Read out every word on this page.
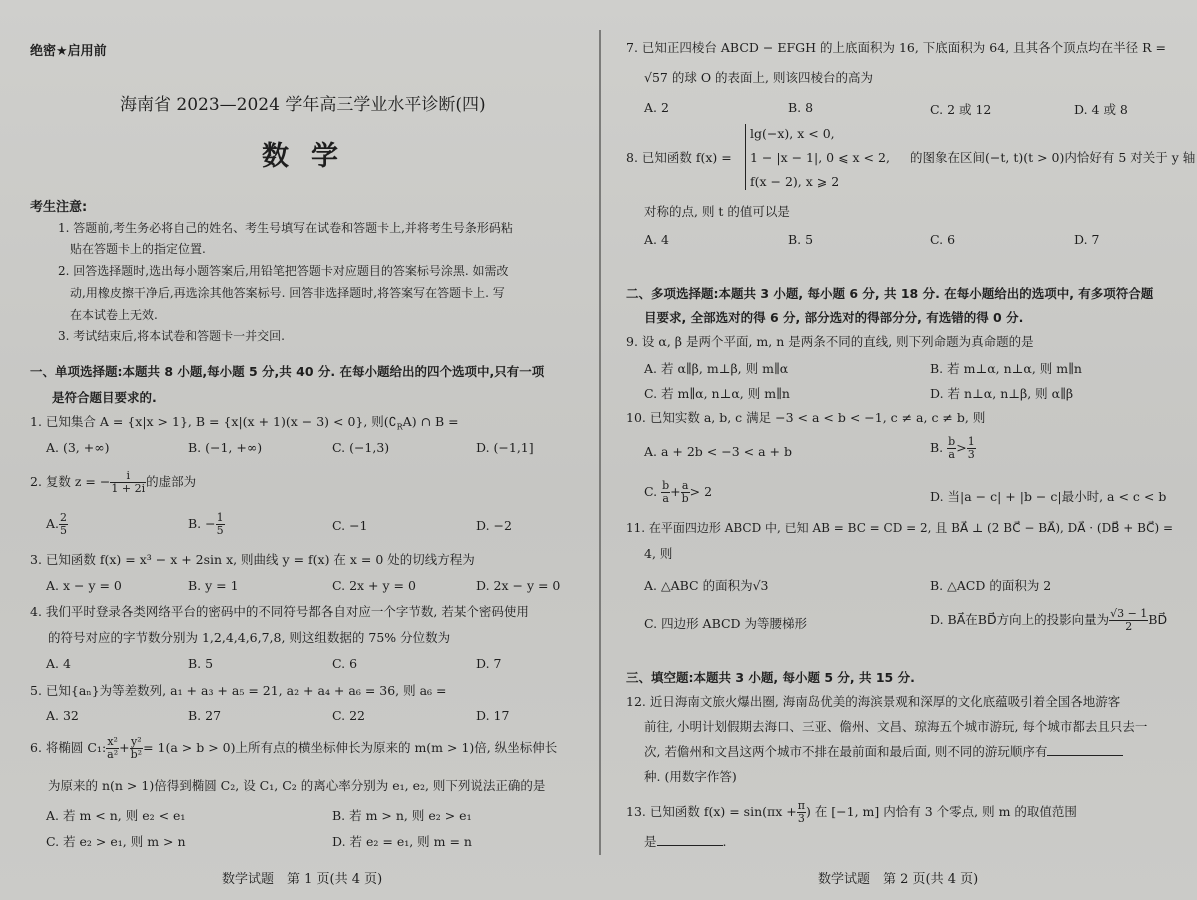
绝密★启用前
海南省 2023—2024 学年高三学业水平诊断(四)
数学
考生注意:
1. 答题前,考生务必将自己的姓名、考生号填写在试卷和答题卡上,并将考生号条形码粘
贴在答题卡上的指定位置.
2. 回答选择题时,选出每小题答案后,用铅笔把答题卡对应题目的答案标号涂黑. 如需改
动,用橡皮擦干净后,再选涂其他答案标号. 回答非选择题时,将答案写在答题卡上. 写
在本试卷上无效.
3. 考试结束后,将本试卷和答题卡一并交回.
一、单项选择题:本题共 8 小题,每小题 5 分,共 40 分. 在每小题给出的四个选项中,只有一项
是符合题目要求的.
1. 已知集合 A = {x|x > 1}, B = {x|(x + 1)(x − 3) < 0}, 则$(∁_RA)$ ∩ B =
A. (3, +∞)	B. (−1, +∞)	C. (−1,3)	D. (−1,1]
2. 复数 z = − $\frac{i}{1 + 2i}$ 的虚部为
A. $\frac{2}{5}$	B. − $\frac{1}{5}$	C. −1	D. −2
3. 已知函数 f(x) = x³ − x + 2sin x, 则曲线 y = f(x) 在 x = 0 处的切线方程为
A. x − y = 0	B. y = 1	C. 2x + y = 0	D. 2x − y = 0
4. 我们平时登录各类网络平台的密码中的不同符号都各自对应一个字节数, 若某个密码使用
的符号对应的字节数分别为 1,2,4,4,6,7,8, 则这组数据的 75% 分位数为
A. 4	B. 5	C. 6	D. 7
5. 已知{aₙ}为等差数列, a₁ + a₃ + a₅ = 21, a₂ + a₄ + a₆ = 36, 则 a₆ =
A. 32	B. 27	C. 22	D. 17
6. 将椭圆 C₁: $\frac{\text{x²}}{\text{a²}} + \frac{\text{y²}}{\text{b²}} = 1(a > b > 0)$上所有点的横坐标伸长为原来的 m(m > 1)倍, 纵坐标伸长
为原来的 n(n > 1)倍得到椭圆 C₂, 设 C₁, C₂ 的离心率分别为 e₁, e₂, 则下列说法正确的是
A. 若 m < n, 则 e₂ < e₁	B. 若 m > n, 则 e₂ > e₁
C. 若 e₂ > e₁, 则 m > n	D. 若 e₂ = e₁, 则 m = n
数学试题　第 1 页(共 4 页)
7. 已知正四棱台 ABCD − EFGH 的上底面积为 16, 下底面积为 64, 且其各个顶点均在半径 R =
√57 的球 O 的表面上, 则该四棱台的高为
A. 2	B. 8	C. 2 或 12	D. 4 或 8
8. 已知函数 f(x) =
lg(−x), x < 0,
1 − |x − 1|, 0 ⩽ x < 2,
f(x − 2), x ⩾ 2
的图象在区间(−t, t)(t > 0)内恰好有 5 对关于 y 轴
对称的点, 则 t 的值可以是
A. 4	B. 5	C. 6	D. 7
二、多项选择题:本题共 3 小题, 每小题 6 分, 共 18 分. 在每小题给出的选项中, 有多项符合题
目要求, 全部选对的得 6 分, 部分选对的得部分分, 有选错的得 0 分.
9. 设 α, β 是两个平面, m, n 是两条不同的直线, 则下列命题为真命题的是
A. 若 α∥β, m⊥β, 则 m∥α	B. 若 m⊥α, n⊥α, 则 m∥n
C. 若 m∥α, n⊥α, 则 m∥n	D. 若 n⊥α, n⊥β, 则 α∥β
10. 已知实数 a, b, c 满足 −3 < a < b < −1, c ≠ a, c ≠ b, 则
A. a + 2b < −3 < a + b	B. $\frac{b}{a} > \frac{1}{3}$
C. $\frac{b}{a} + \frac{a}{b} > 2$	D. 当|a − c| + |b − c|最小时, a < c < b
11. 在平面四边形 ABCD 中, 已知 AB = BC = CD = 2, 且 BA⃗ ⊥ (2 BC⃗ − BA⃗), DA⃗ · (DB⃗ + BC⃗) =
4, 则
A. △ABC 的面积为√3	B. △ACD 的面积为 2
C. 四边形 ABCD 为等腰梯形	D. BA⃗在BD⃗方向上的投影向量为 $\frac{√3 - 1}{2}$ BD⃗
三、填空题:本题共 3 小题, 每小题 5 分, 共 15 分.
12. 近日海南文旅火爆出圈, 海南岛优美的海滨景观和深厚的文化底蕴吸引着全国各地游客
前往, 小明计划假期去海口、三亚、儋州、文昌、琼海五个城市游玩, 每个城市都去且只去一
次, 若儋州和文昌这两个城市不排在最前面和最后面, 则不同的游玩顺序有
种. (用数字作答)
13. 已知函数 $f(x) = \sin(\pi x + \frac{\pi}{3}$ ) 在 [−1, m] 内恰有 3 个零点, 则 m 的取值范围
是	.
数学试题　第 2 页(共 4 页)
